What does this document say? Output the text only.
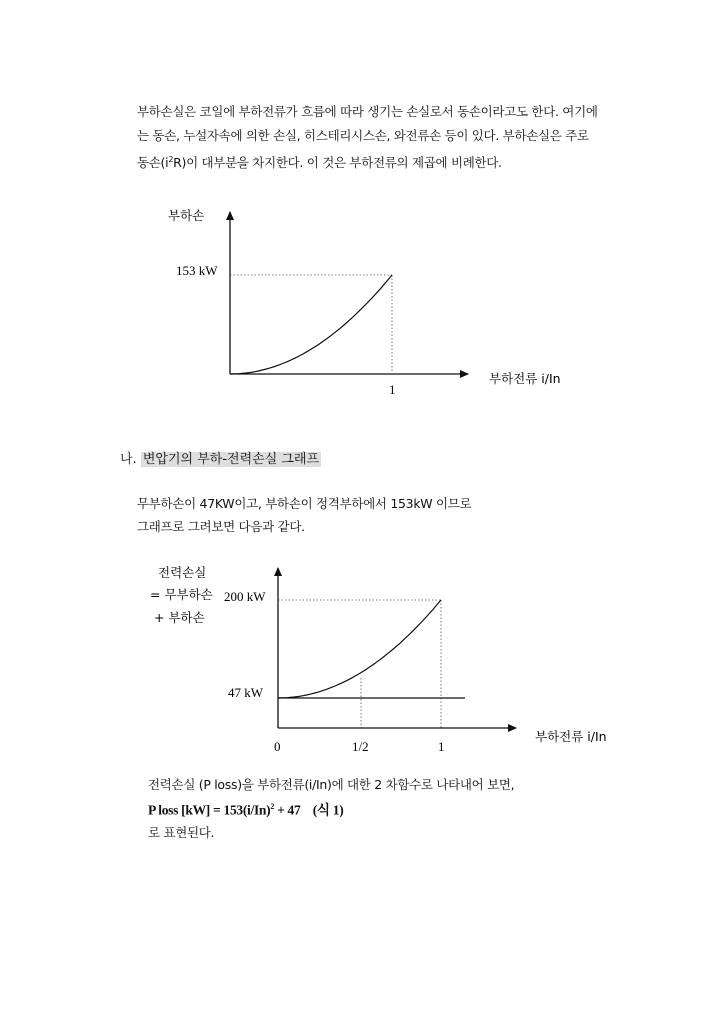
부하손실은 코일에 부하전류가 흐름에 따라 생기는 손실로서 동손이라고도 한다. 여기에
는 동손, 누설자속에 의한 손실, 히스테리시스손, 와전류손 등이 있다. 부하손실은 주로
동손$(i^2R)$이 대부분을 차지한다. 이 것은 부하전류의 제곱에 비례한다.
부하손
153 kW
1
부하전류 i/In
전력손실
= 무부하손
+ 부하손
200 kW
47 kW
0	1/2	1
부하전류 i/In
나. 변압기의 부하-전력손실 그래프
무부하손이 47KW이고, 부하손이 정격부하에서 153kW 이므로
그래프로 그려보면 다음과 같다.
전력손실 (P loss)을 부하전류(i/In)에 대한 2 차함수로 나타내어 보면,
P loss $[kW] = 153(i/In)^2 + 47$    (식 1)
로 표현된다.
